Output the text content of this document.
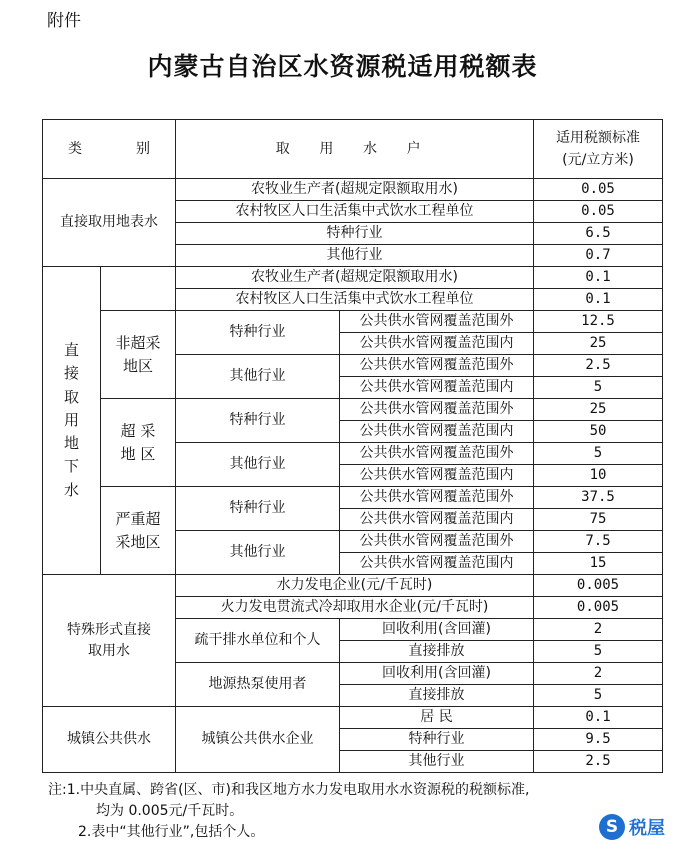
附件
内蒙古自治区水资源税适用税额表
类 别		取 用 水 户		适用税额标准
(元/立方米)

直接取用地表水		农牧业生产者(超规定限额取用水)		0.05
		农村牧区人口生活集中式饮水工程单位		0.05
		特种行业		6.5
		其他行业		0.7

直接取用地下水		农牧业生产者(超规定限额取用水)		0.1
		农村牧区人口生活集中式饮水工程单位		0.1

	非超采地区	特种行业	公共供水管网覆盖范围外	12.5
			公共供水管网覆盖范围内	25
		其他行业	公共供水管网覆盖范围外	2.5
			公共供水管网覆盖范围内	5

	超 采 地 区	特种行业	公共供水管网覆盖范围外	25
			公共供水管网覆盖范围内	50
		其他行业	公共供水管网覆盖范围外	5
			公共供水管网覆盖范围内	10

	严重超采地区	特种行业	公共供水管网覆盖范围外	37.5
			公共供水管网覆盖范围内	75
		其他行业	公共供水管网覆盖范围外	7.5
			公共供水管网覆盖范围内	15

特殊形式直接取用水		水力发电企业(元/千瓦时)		0.005
		火力发电贯流式冷却取用水企业(元/千瓦时)		0.005
		疏干排水单位和个人	回收利用(含回灌)	2
			直接排放	5
		地源热泵使用者	回收利用(含回灌)	2
			直接排放	5
城镇公共供水		城镇公共供水企业	居 民	0.1
			特种行业	9.5
			其他行业	2.5
注:1.中央直属、跨省(区、市)和我区地方水力发电取用水水资源税的税额标准,
均为 0.005元/千瓦时。
2.表中“其他行业”,包括个人。	S 税屋
